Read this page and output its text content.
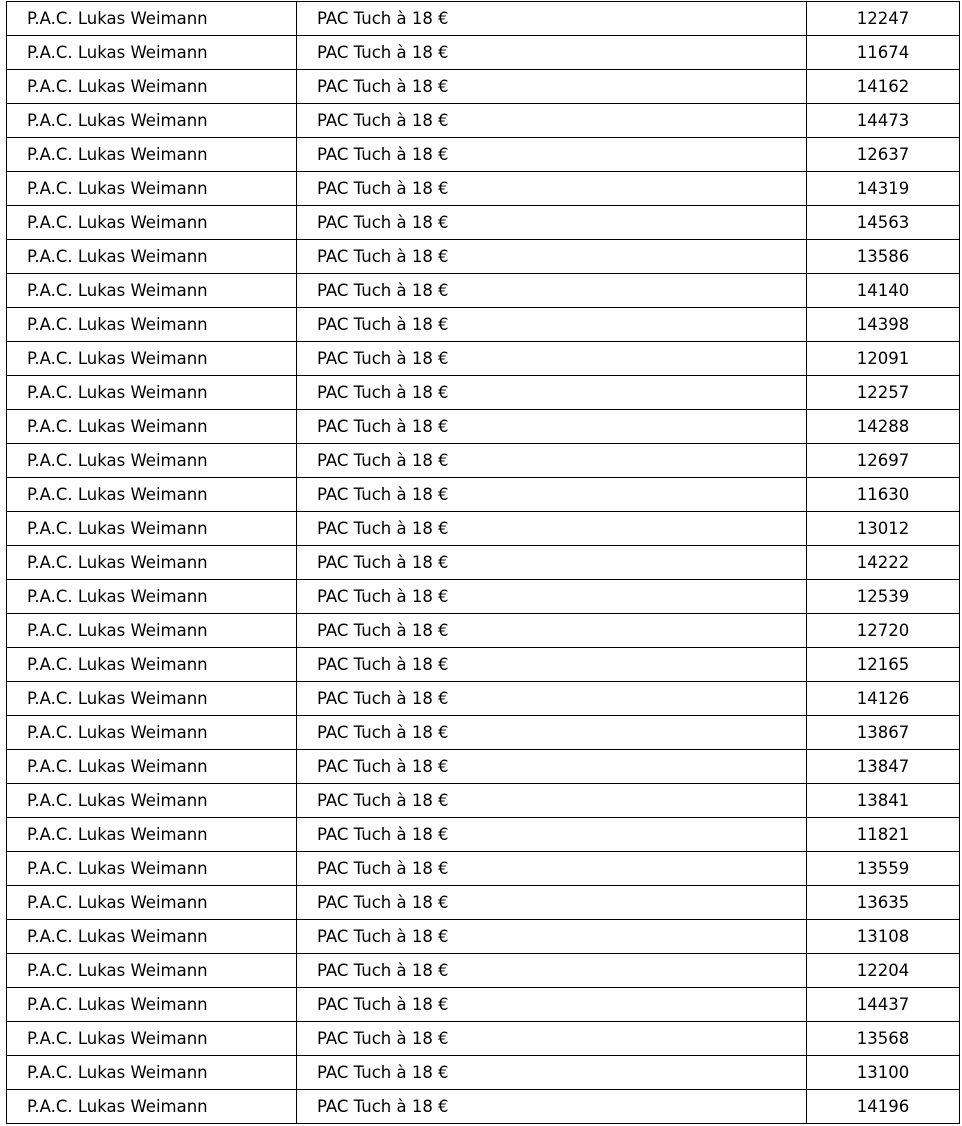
P.A.C. Lukas Weimann	PAC Tuch à 18 €	12247
P.A.C. Lukas Weimann	PAC Tuch à 18 €	11674
P.A.C. Lukas Weimann	PAC Tuch à 18 €	14162
P.A.C. Lukas Weimann	PAC Tuch à 18 €	14473
P.A.C. Lukas Weimann	PAC Tuch à 18 €	12637
P.A.C. Lukas Weimann	PAC Tuch à 18 €	14319
P.A.C. Lukas Weimann	PAC Tuch à 18 €	14563
P.A.C. Lukas Weimann	PAC Tuch à 18 €	13586
P.A.C. Lukas Weimann	PAC Tuch à 18 €	14140
P.A.C. Lukas Weimann	PAC Tuch à 18 €	14398
P.A.C. Lukas Weimann	PAC Tuch à 18 €	12091
P.A.C. Lukas Weimann	PAC Tuch à 18 €	12257
P.A.C. Lukas Weimann	PAC Tuch à 18 €	14288
P.A.C. Lukas Weimann	PAC Tuch à 18 €	12697
P.A.C. Lukas Weimann	PAC Tuch à 18 €	11630
P.A.C. Lukas Weimann	PAC Tuch à 18 €	13012
P.A.C. Lukas Weimann	PAC Tuch à 18 €	14222
P.A.C. Lukas Weimann	PAC Tuch à 18 €	12539
P.A.C. Lukas Weimann	PAC Tuch à 18 €	12720
P.A.C. Lukas Weimann	PAC Tuch à 18 €	12165
P.A.C. Lukas Weimann	PAC Tuch à 18 €	14126
P.A.C. Lukas Weimann	PAC Tuch à 18 €	13867
P.A.C. Lukas Weimann	PAC Tuch à 18 €	13847
P.A.C. Lukas Weimann	PAC Tuch à 18 €	13841
P.A.C. Lukas Weimann	PAC Tuch à 18 €	11821
P.A.C. Lukas Weimann	PAC Tuch à 18 €	13559
P.A.C. Lukas Weimann	PAC Tuch à 18 €	13635
P.A.C. Lukas Weimann	PAC Tuch à 18 €	13108
P.A.C. Lukas Weimann	PAC Tuch à 18 €	12204
P.A.C. Lukas Weimann	PAC Tuch à 18 €	14437
P.A.C. Lukas Weimann	PAC Tuch à 18 €	13568
P.A.C. Lukas Weimann	PAC Tuch à 18 €	13100
P.A.C. Lukas Weimann	PAC Tuch à 18 €	14196
